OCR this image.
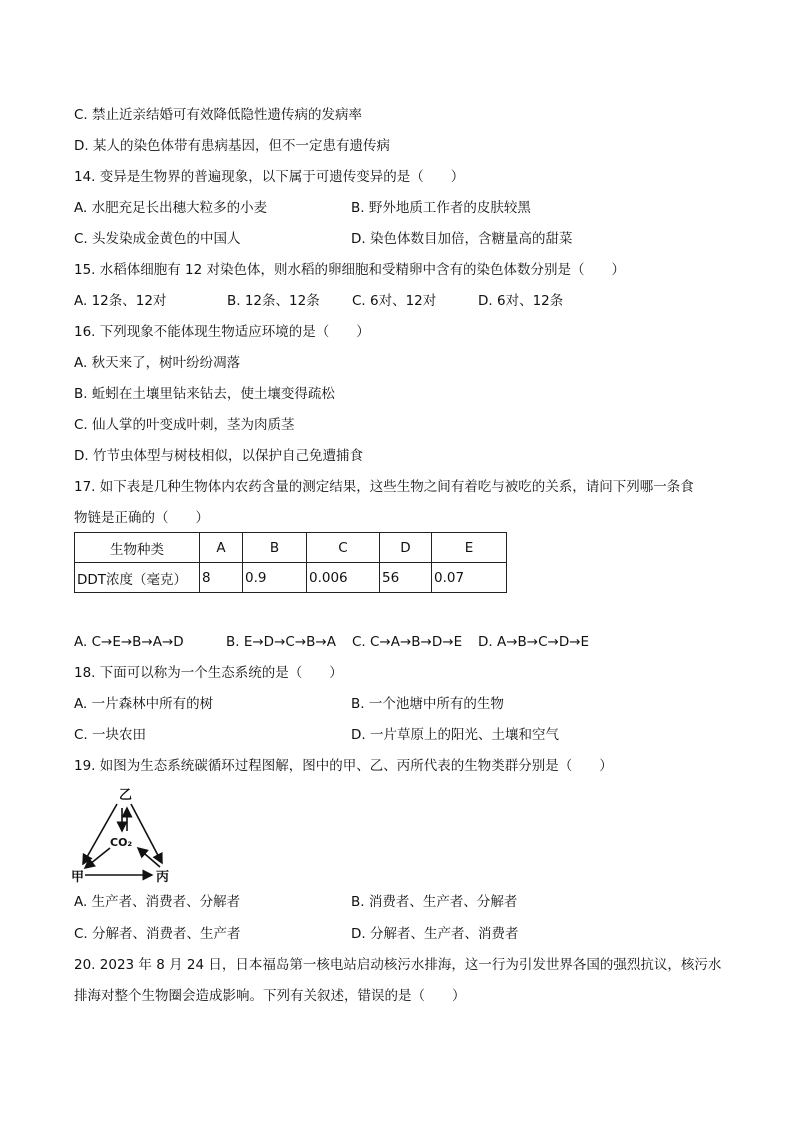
C. 禁止近亲结婚可有效降低隐性遗传病的发病率
D. 某人的染色体带有患病基因，但不一定患有遗传病
14. 变异是生物界的普遍现象，以下属于可遗传变异的是（　　）
A. 水肥充足长出穗大粒多的小麦	B. 野外地质工作者的皮肤较黑
C. 头发染成金黄色的中国人	D. 染色体数目加倍，含糖量高的甜菜
15. 水稻体细胞有 12 对染色体，则水稻的卵细胞和受精卵中含有的染色体数分别是（　　）
A. 12条、12对	B. 12条、12条 C. 6对、12对	D. 6对、12条
16. 下列现象不能体现生物适应环境的是（　　）
A. 秋天来了，树叶纷纷凋落
B. 蚯蚓在土壤里钻来钻去，使土壤变得疏松
C. 仙人掌的叶变成叶刺，茎为肉质茎
D. 竹节虫体型与树枝相似，以保护自己免遭捕食
17. 如下表是几种生物体内农药含量的测定结果，这些生物之间有着吃与被吃的关系，请问下列哪一条食
物链是正确的（　　）
生物种类	A	B	C	D	E
DDT浓度（毫克）	8	0.9	0.006	56	0.07
A. C→E→B→A→D	B. E→D→C→B→A C. C→A→B→D→E D. A→B→C→D→E
18. 下面可以称为一个生态系统的是（　　）
A. 一片森林中所有的树	B. 一个池塘中所有的生物
C. 一块农田	D. 一片草原上的阳光、土壤和空气
19. 如图为生态系统碳循环过程图解，图中的甲、乙、丙所代表的生物类群分别是（　　）
乙
CO₂
甲	丙
A. 生产者、消费者、分解者	B. 消费者、生产者、分解者
C. 分解者、消费者、生产者	D. 分解者、生产者、消费者
20. 2023 年 8 月 24 日，日本福岛第一核电站启动核污水排海，这一行为引发世界各国的强烈抗议，核污水
排海对整个生物圈会造成影响。下列有关叙述，错误的是（　　）
